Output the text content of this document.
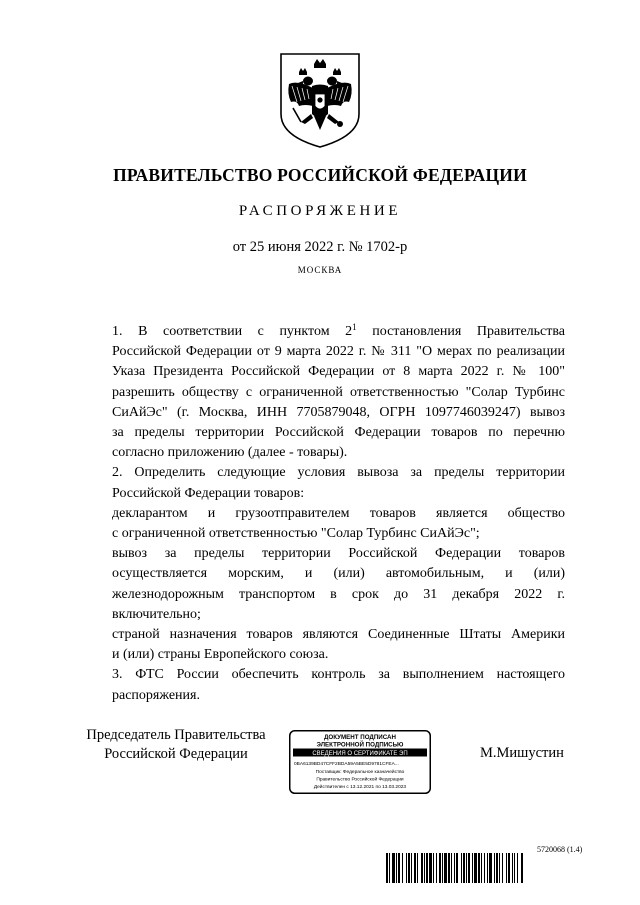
ПРАВИТЕЛЬСТВО РОССИЙСКОЙ ФЕДЕРАЦИИ
РАСПОРЯЖЕНИЕ
от 25 июня 2022 г. № 1702-р
МОСКВА

1. В соответствии с пунктом $2^1$ постановления Правительства
Российской Федерации от 9 марта 2022 г. № 311 "О мерах по реализации
Указа Президента Российской Федерации от 8 марта 2022 г. № 100"
разрешить обществу с ограниченной ответственностью "Солар Турбинс
СиАйЭс" (г. Москва, ИНН 7705879048, ОГРН 1097746039247) вывоз
за пределы территории Российской Федерации товаров по перечню
согласно приложению (далее - товары).

2. Определить следующие условия вывоза за пределы территории
Российской Федерации товаров:

декларантом и грузоотправителем товаров является общество
с ограниченной ответственностью "Солар Турбинс СиАйЭс";

вывоз за пределы территории Российской Федерации товаров
осуществляется морским, и (или) автомобильным, и (или)
железнодорожным транспортом в срок до 31 декабря 2022 г.
включительно;

страной назначения товаров являются Соединенные Штаты Америки
и (или) страны Европейского союза.

3. ФТС России обеспечить контроль за выполнением настоящего
распоряжения.

Председатель Правительства
Российской Федерации
ДОКУМЕНТ ПОДПИСАН
ЭЛЕКТРОННОЙ ПОДПИСЬЮ
СВЕДЕНИЯ О СЕРТИФИКАТЕ ЭП
0BA6139BD47CFF2BDA59A5BE5D9781CFEA...
Поставщик: Федеральное казначейство
Правительство Российской Федерации
Действителен с 13.12.2021 по 13.03.2023
М.Мишустин
5720068 (1.4)
